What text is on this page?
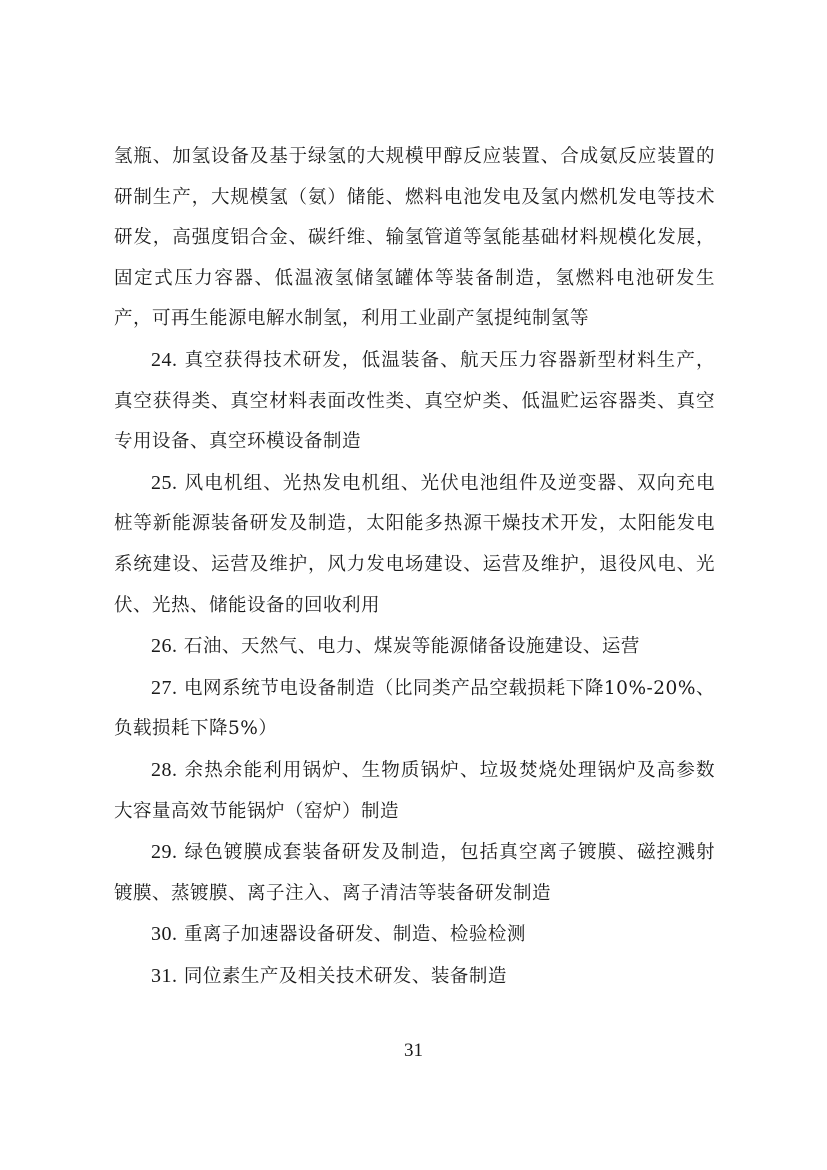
氢瓶、加氢设备及基于绿氢的大规模甲醇反应装置、合成氨反应装置的研制生产，大规模氢（氨）储能、燃料电池发电及氢内燃机发电等技术研发，高强度铝合金、碳纤维、输氢管道等氢能基础材料规模化发展，固定式压力容器、低温液氢储氢罐体等装备制造，氢燃料电池研发生产，可再生能源电解水制氢，利用工业副产氢提纯制氢等

24. 真空获得技术研发，低温装备、航天压力容器新型材料生产，真空获得类、真空材料表面改性类、真空炉类、低温贮运容器类、真空专用设备、真空环模设备制造

25. 风电机组、光热发电机组、光伏电池组件及逆变器、双向充电桩等新能源装备研发及制造，太阳能多热源干燥技术开发，太阳能发电系统建设、运营及维护，风力发电场建设、运营及维护，退役风电、光伏、光热、储能设备的回收利用

26. 石油、天然气、电力、煤炭等能源储备设施建设、运营

27. 电网系统节电设备制造（比同类产品空载损耗下降10%-20%、负载损耗下降5%）

28. 余热余能利用锅炉、生物质锅炉、垃圾焚烧处理锅炉及高参数大容量高效节能锅炉（窑炉）制造

29. 绿色镀膜成套装备研发及制造，包括真空离子镀膜、磁控溅射镀膜、蒸镀膜、离子注入、离子清洁等装备研发制造

30. 重离子加速器设备研发、制造、检验检测

31. 同位素生产及相关技术研发、装备制造

31
